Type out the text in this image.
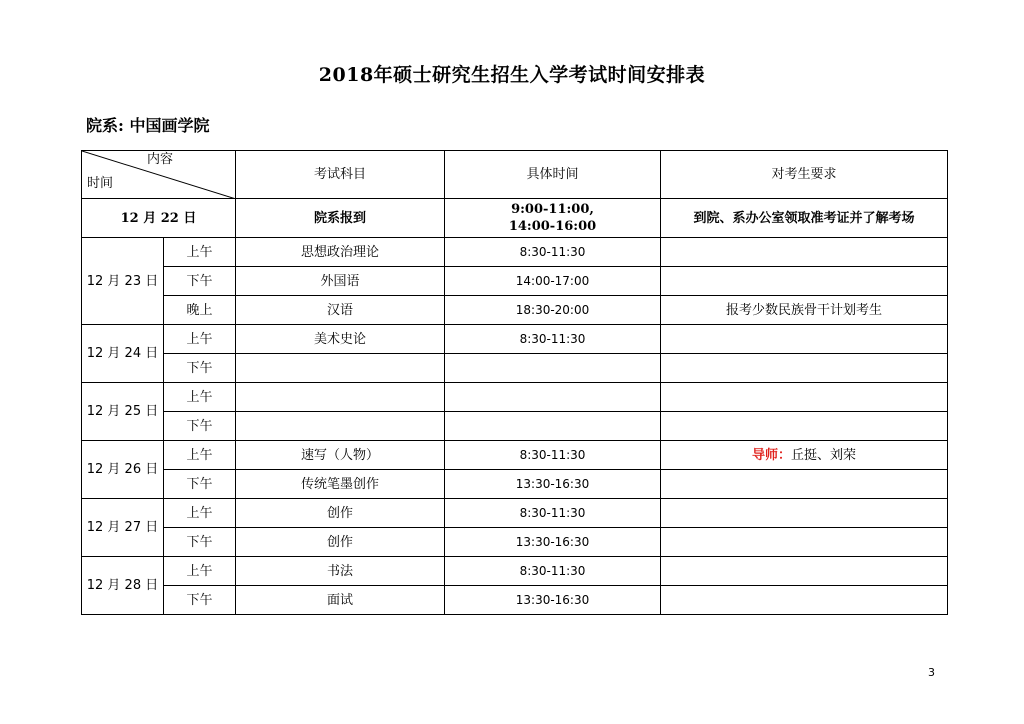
2018年硕士研究生招生入学考试时间安排表
院系: 中国画学院
内容
时间		考试科目	具体时间	对考生要求
12 月 22 日		院系报到	9:00-11:00,
14:00-16:00	到院、系办公室领取准考证并了解考场
12 月 23 日	上午	思想政治理论	8:30-11:30	
	下午	外国语	14:00-17:00	
	晚上	汉语	18:30-20:00	报考少数民族骨干计划考生
12 月 24 日	上午	美术史论	8:30-11:30	
	下午			
12 月 25 日	上午			
	下午			
12 月 26 日	上午	速写（人物）	8:30-11:30	导师：丘挺、刘荣
	下午	传统笔墨创作	13:30-16:30	
12 月 27 日	上午	创作	8:30-11:30	
	下午	创作	13:30-16:30	
12 月 28 日	上午	书法	8:30-11:30	
	下午	面试	13:30-16:30	
3
